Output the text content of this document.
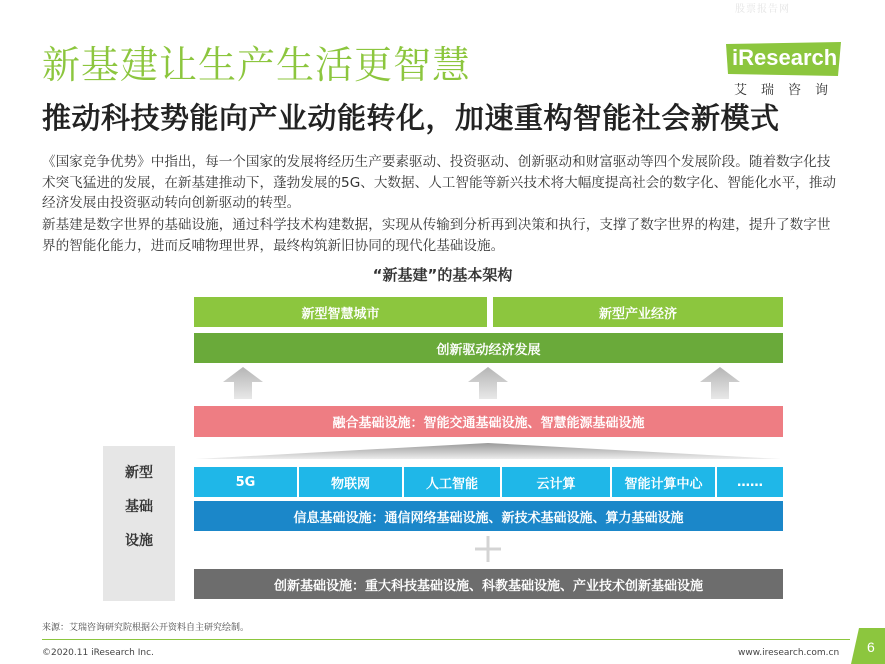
股票报告网
新基建让生产生活更智慧
推动科技势能向产业动能转化，加速重构智能社会新模式
iResearch
艾瑞咨询

《国家竞争优势》中指出，每一个国家的发展将经历生产要素驱动、投资驱动、创新驱动和财富驱动等四个发展阶段。随着数字化技术突飞猛进的发展，在新基建推动下，蓬勃发展的5G、大数据、人工智能等新兴技术将大幅度提高社会的数字化、智能化水平，推动经济发展由投资驱动转向创新驱动的转型。

新基建是数字世界的基础设施，通过科学技术构建数据，实现从传输到分析再到决策和执行，支撑了数字世界的构建，提升了数字世界的智能化能力，进而反哺物理世界，最终构筑新旧协同的现代化基础设施。

“新基建”的基本架构
新型智慧城市	新型产业经济
创新驱动经济发展
融合基础设施：智能交通基础设施、智慧能源基础设施
新型
基础
设施
5G	物联网	人工智能	云计算	智能计算中心	……
信息基础设施：通信网络基础设施、新技术基础设施、算力基础设施
创新基础设施：重大科技基础设施、科教基础设施、产业技术创新基础设施
来源：艾瑞咨询研究院根据公开资料自主研究绘制。
©2020.11 iResearch Inc.	www.iresearch.com.cn 6
